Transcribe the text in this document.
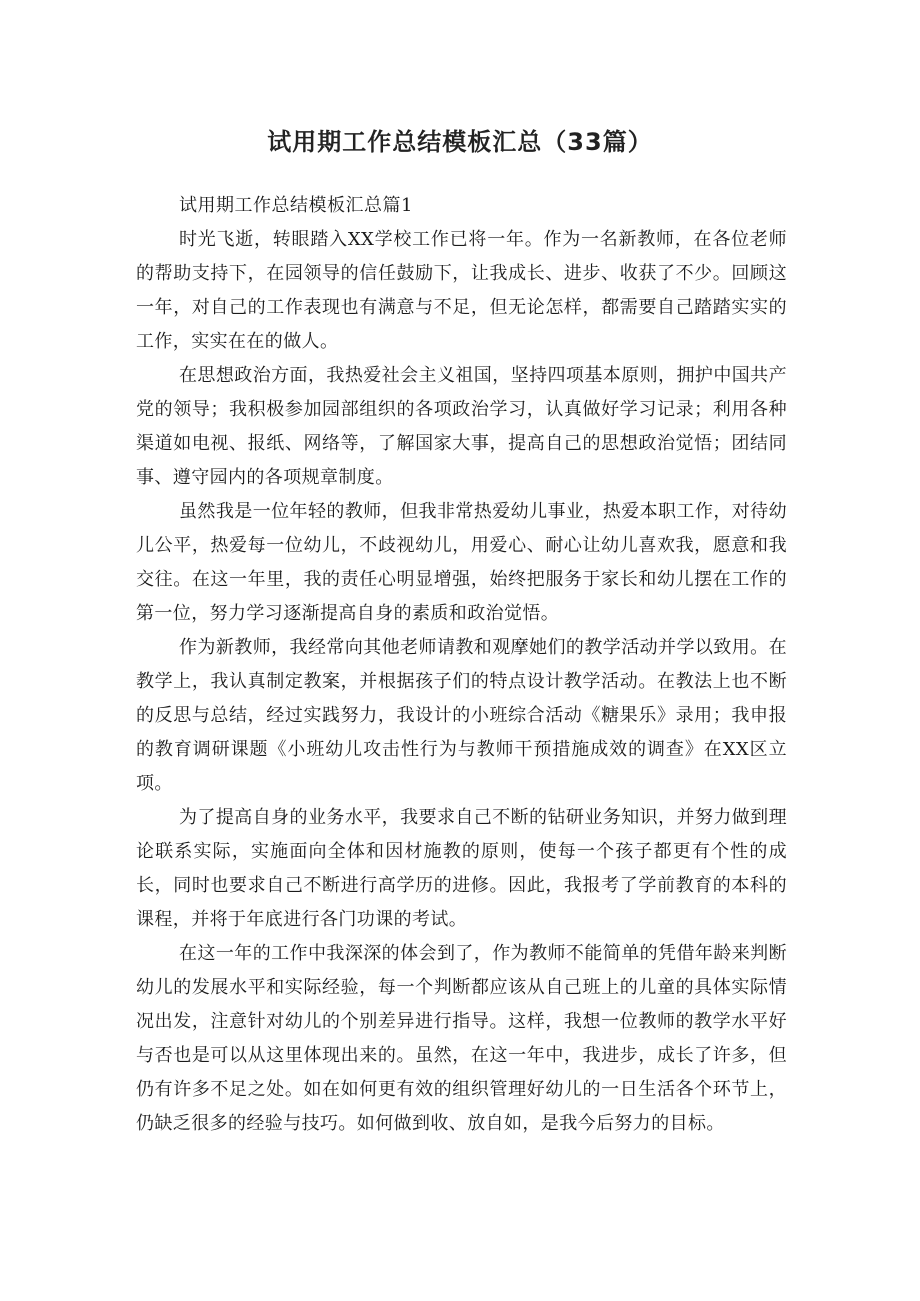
试用期工作总结模板汇总（33篇）

试用期工作总结模板汇总篇1

时光飞逝，转眼踏入XX学校工作已将一年。作为一名新教师，在各位老师的帮助支持下，在园领导的信任鼓励下，让我成长、进步、收获了不少。回顾这一年，对自己的工作表现也有满意与不足，但无论怎样，都需要自己踏踏实实的工作，实实在在的做人。

在思想政治方面，我热爱社会主义祖国，坚持四项基本原则，拥护中国共产党的领导；我积极参加园部组织的各项政治学习，认真做好学习记录；利用各种渠道如电视、报纸、网络等，了解国家大事，提高自己的思想政治觉悟；团结同事、遵守园内的各项规章制度。

虽然我是一位年轻的教师，但我非常热爱幼儿事业，热爱本职工作，对待幼儿公平，热爱每一位幼儿，不歧视幼儿，用爱心、耐心让幼儿喜欢我，愿意和我交往。在这一年里，我的责任心明显增强，始终把服务于家长和幼儿摆在工作的第一位，努力学习逐渐提高自身的素质和政治觉悟。

作为新教师，我经常向其他老师请教和观摩她们的教学活动并学以致用。在教学上，我认真制定教案，并根据孩子们的特点设计教学活动。在教法上也不断的反思与总结，经过实践努力，我设计的小班综合活动《糖果乐》录用；我申报的教育调研课题《小班幼儿攻击性行为与教师干预措施成效的调查》在XX区立项。

为了提高自身的业务水平，我要求自己不断的钻研业务知识，并努力做到理论联系实际，实施面向全体和因材施教的原则，使每一个孩子都更有个性的成长，同时也要求自己不断进行高学历的进修。因此，我报考了学前教育的本科的课程，并将于年底进行各门功课的考试。

在这一年的工作中我深深的体会到了，作为教师不能简单的凭借年龄来判断幼儿的发展水平和实际经验，每一个判断都应该从自己班上的儿童的具体实际情况出发，注意针对幼儿的个别差异进行指导。这样，我想一位教师的教学水平好与否也是可以从这里体现出来的。虽然，在这一年中，我进步，成长了许多，但仍有许多不足之处。如在如何更有效的组织管理好幼儿的一日生活各个环节上，仍缺乏很多的经验与技巧。如何做到收、放自如，是我今后努力的目标。
